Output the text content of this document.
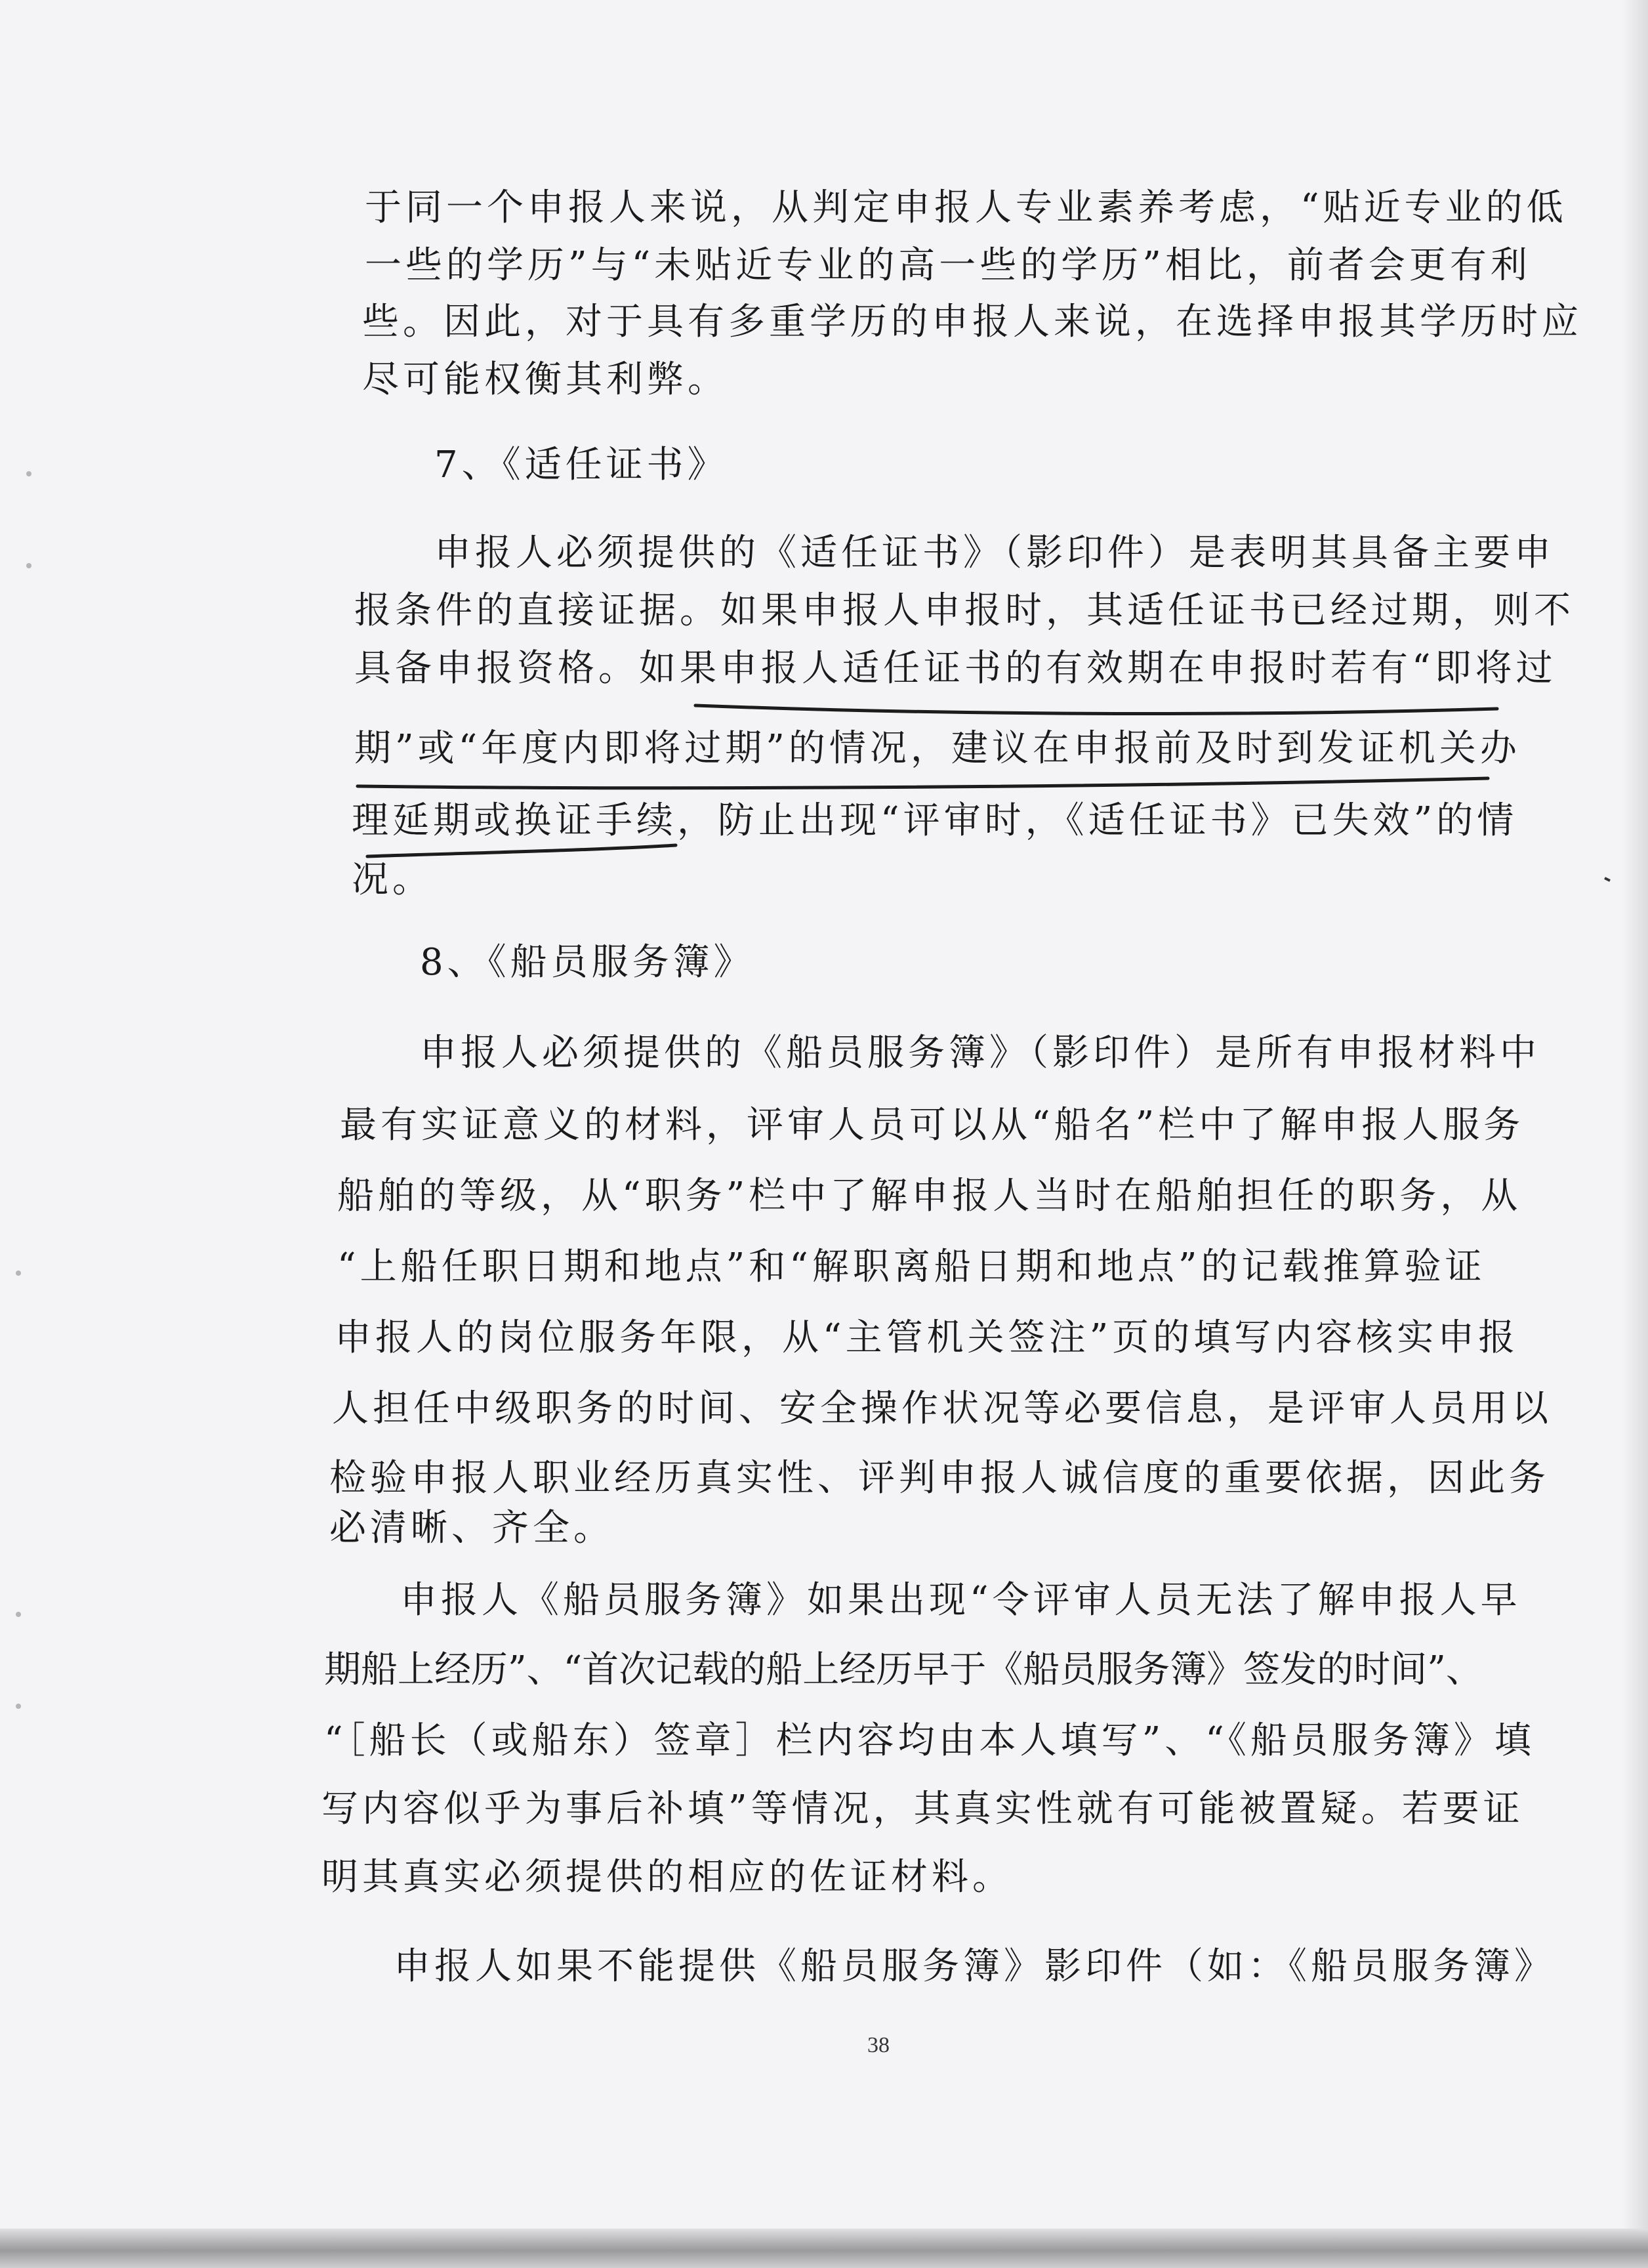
于同一个申报人来说，从判定申报人专业素养考虑，“贴近专业的低
一些的学历”与“未贴近专业的高一些的学历”相比，前者会更有利
些。因此，对于具有多重学历的申报人来说，在选择申报其学历时应
尽可能权衡其利弊。
7、《适任证书》
申报人必须提供的《适任证书》（影印件）是表明其具备主要申
报条件的直接证据。如果申报人申报时，其适任证书已经过期，则不
具备申报资格。如果申报人适任证书的有效期在申报时若有“即将过
期”或“年度内即将过期”的情况，建议在申报前及时到发证机关办
理延期或换证手续，防止出现“评审时，《适任证书》已失效”的情
况。
8、《船员服务簿》
申报人必须提供的《船员服务簿》（影印件）是所有申报材料中
最有实证意义的材料，评审人员可以从“船名”栏中了解申报人服务
船舶的等级，从“职务”栏中了解申报人当时在船舶担任的职务，从
“上船任职日期和地点”和“解职离船日期和地点”的记载推算验证
申报人的岗位服务年限，从“主管机关签注”页的填写内容核实申报
人担任中级职务的时间、安全操作状况等必要信息，是评审人员用以
检验申报人职业经历真实性、评判申报人诚信度的重要依据，因此务
必清晰、齐全。
申报人《船员服务簿》如果出现“令评审人员无法了解申报人早
期船上经历”、“首次记载的船上经历早于《船员服务簿》签发的时间”、
“［船长（或船东）签章］栏内容均由本人填写”、“《船员服务簿》填
写内容似乎为事后补填”等情况，其真实性就有可能被置疑。若要证
明其真实必须提供的相应的佐证材料。
申报人如果不能提供《船员服务簿》影印件（如：《船员服务簿》
38
